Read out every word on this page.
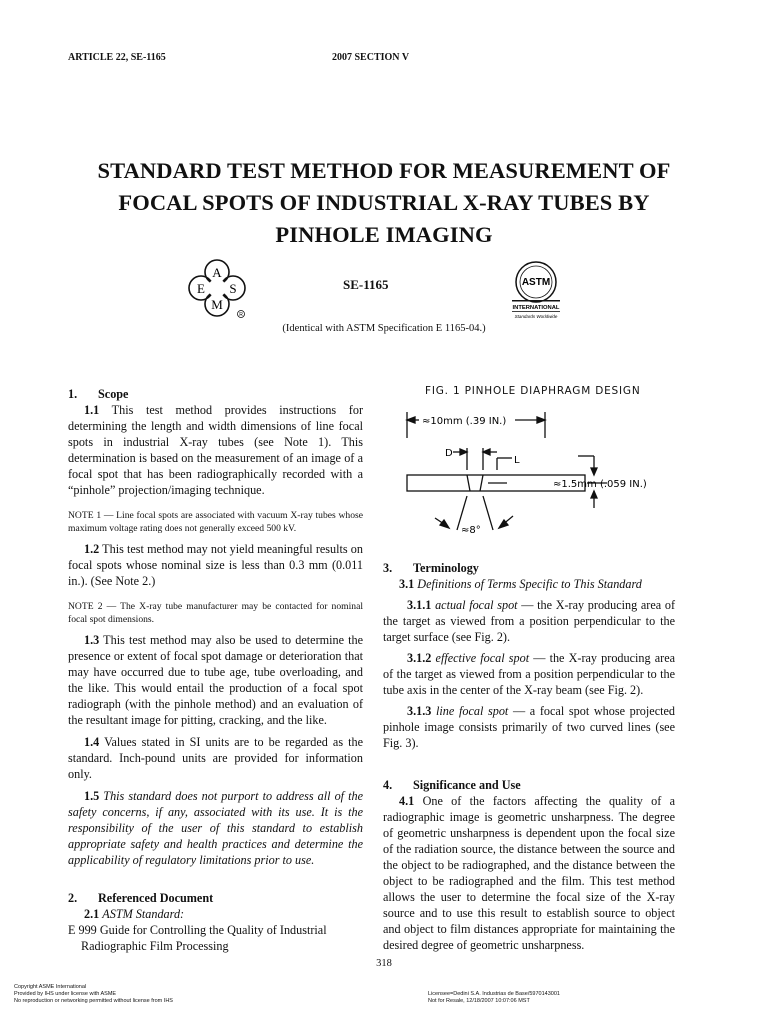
ARTICLE 22, SE-1165	2007 SECTION V
STANDARD TEST METHOD FOR MEASUREMENT OF
FOCAL SPOTS OF INDUSTRIAL X-RAY TUBES BY
PINHOLE IMAGING
R
A
E S
M
SE-1165	ASTM
INTERNATIONAL
Standards Worldwide
(Identical with ASTM Specification E 1165-04.)
1. Scope

1.1 This test method provides instructions for determining the length and width dimensions of line focal spots in industrial X-ray tubes (see Note 1). This determination is based on the measurement of an image of a focal spot that has been radiographically recorded with a “pinhole” projection/imaging technique.

NOTE 1 — Line focal spots are associated with vacuum X-ray tubes whose maximum voltage rating does not generally exceed 500 kV.

1.2 This test method may not yield meaningful results on focal spots whose nominal size is less than 0.3 mm (0.011 in.). (See Note 2.)

NOTE 2 — The X-ray tube manufacturer may be contacted for nominal focal spot dimensions.

1.3 This test method may also be used to determine the presence or extent of focal spot damage or deterioration that may have occurred due to tube age, tube overloading, and the like. This would entail the production of a focal spot radiograph (with the pinhole method) and an evaluation of the resultant image for pitting, cracking, and the like.

1.4 Values stated in SI units are to be regarded as the standard. Inch-pound units are provided for information only.

1.5 This standard does not purport to address all of the safety concerns, if any, associated with its use. It is the responsibility of the user of this standard to establish appropriate safety and health practices and determine the applicability of regulatory limitations prior to use.

2. Referenced Document

2.1 ASTM Standard:

E 999 Guide for Controlling the Quality of Industrial Radiographic Film Processing

FIG. 1 PINHOLE DIAPHRAGM DESIGN
≈10mm (.39 IN.)
D
L
≈1.5mm (.059 IN.)
≈8°
3. Terminology

3.1 Definitions of Terms Specific to This Standard

3.1.1 actual focal spot — the X-ray producing area of the target as viewed from a position perpendicular to the target surface (see Fig. 2).

3.1.2 effective focal spot — the X-ray producing area of the target as viewed from a position perpendicular to the tube axis in the center of the X-ray beam (see Fig. 2).

3.1.3 line focal spot — a focal spot whose projected pinhole image consists primarily of two curved lines (see Fig. 3).

4. Significance and Use

4.1 One of the factors affecting the quality of a radiographic image is geometric unsharpness. The degree of geometric unsharpness is dependent upon the focal size of the radiation source, the distance between the source and the object to be radiographed, and the distance between the object to be radiographed and the film. This test method allows the user to determine the focal size of the X-ray source and to use this result to establish source to object and object to film distances appropriate for maintaining the desired degree of geometric unsharpness.

318
Copyright ASME International
Provided by IHS under license with ASME
No reproduction or networking permitted without license from IHS
Licensee=Dedini S.A. Industrias de Base/5970143001
Not for Resale, 12/18/2007 10:07:06 MST
